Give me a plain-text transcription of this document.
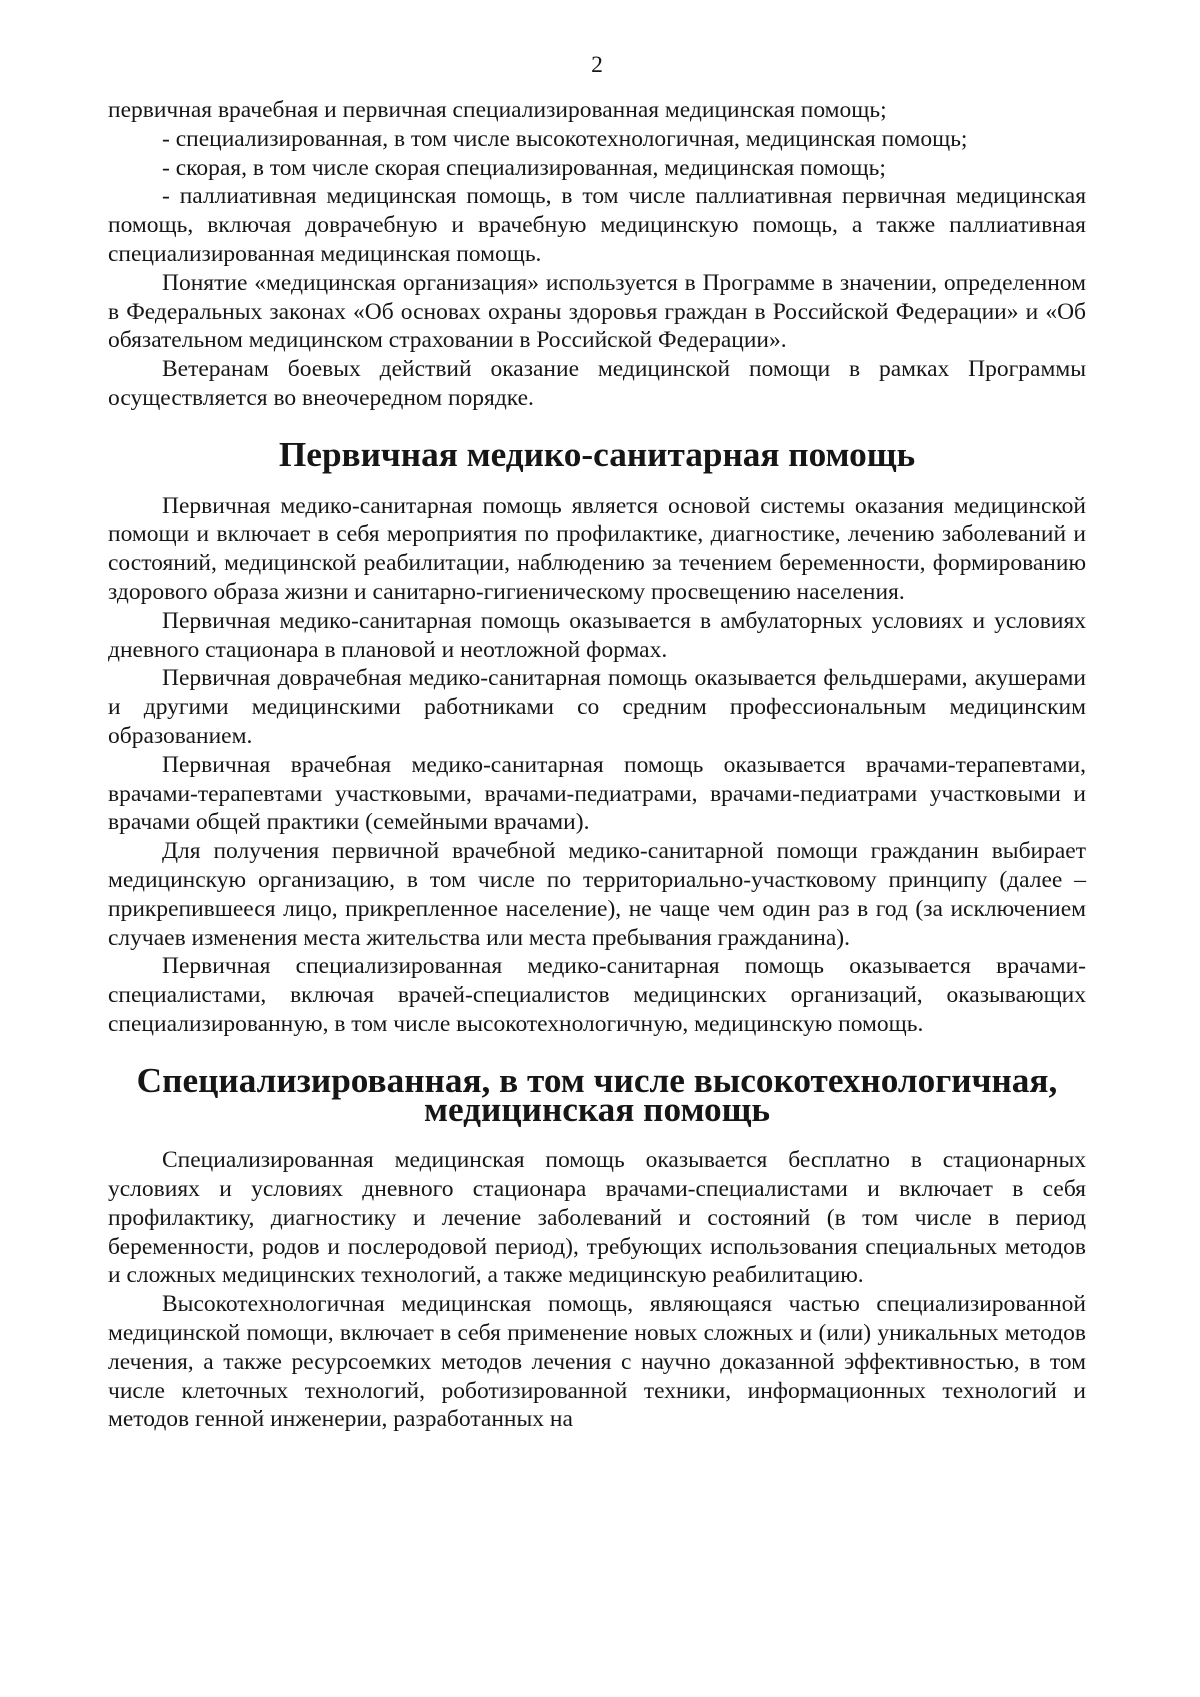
2

первичная врачебная и первичная специализированная медицинская помощь;

- специализированная, в том числе высокотехнологичная, медицинская помощь;

- скорая, в том числе скорая специализированная, медицинская помощь;

- паллиативная медицинская помощь, в том числе паллиативная первичная медицинская помощь, включая доврачебную и врачебную медицинскую помощь, а также паллиативная специализированная медицинская помощь.

Понятие «медицинская организация» используется в Программе в значении, определенном в Федеральных законах «Об основах охраны здоровья граждан в Российской Федерации» и «Об обязательном медицинском страховании в Российской Федерации».

Ветеранам боевых действий оказание медицинской помощи в рамках Программы осуществляется во внеочередном порядке.

Первичная медико-санитарная помощь

Первичная медико-санитарная помощь является основой системы оказания медицинской помощи и включает в себя мероприятия по профилактике, диагностике, лечению заболеваний и состояний, медицинской реабилитации, наблюдению за течением беременности, формированию здорового образа жизни и санитарно-гигиеническому просвещению населения.

Первичная медико-санитарная помощь оказывается в амбулаторных условиях и условиях дневного стационара в плановой и неотложной формах.

Первичная доврачебная медико-санитарная помощь оказывается фельдшерами, акушерами и другими медицинскими работниками со средним профессиональным медицинским образованием.

Первичная врачебная медико-санитарная помощь оказывается врачами-терапевтами, врачами-терапевтами участковыми, врачами-педиатрами, врачами-педиатрами участковыми и врачами общей практики (семейными врачами).

Для получения первичной врачебной медико-санитарной помощи гражданин выбирает медицинскую организацию, в том числе по территориально-участковому принципу (далее – прикрепившееся лицо, прикрепленное население), не чаще чем один раз в год (за исключением случаев изменения места жительства или места пребывания гражданина).

Первичная специализированная медико-санитарная помощь оказывается врачами-специалистами, включая врачей-специалистов медицинских организаций, оказывающих специализированную, в том числе высокотехнологичную, медицинскую помощь.

Специализированная, в том числе высокотехнологичная, медицинская помощь

Специализированная медицинская помощь оказывается бесплатно в стационарных условиях и условиях дневного стационара врачами-специалистами и включает в себя профилактику, диагностику и лечение заболеваний и состояний (в том числе в период беременности, родов и послеродовой период), требующих использования специальных методов и сложных медицинских технологий, а также медицинскую реабилитацию.

Высокотехнологичная медицинская помощь, являющаяся частью специализированной медицинской помощи, включает в себя применение новых сложных и (или) уникальных методов лечения, а также ресурсоемких методов лечения с научно доказанной эффективностью, в том числе клеточных технологий, роботизированной техники, информационных технологий и методов генной инженерии, разработанных на
